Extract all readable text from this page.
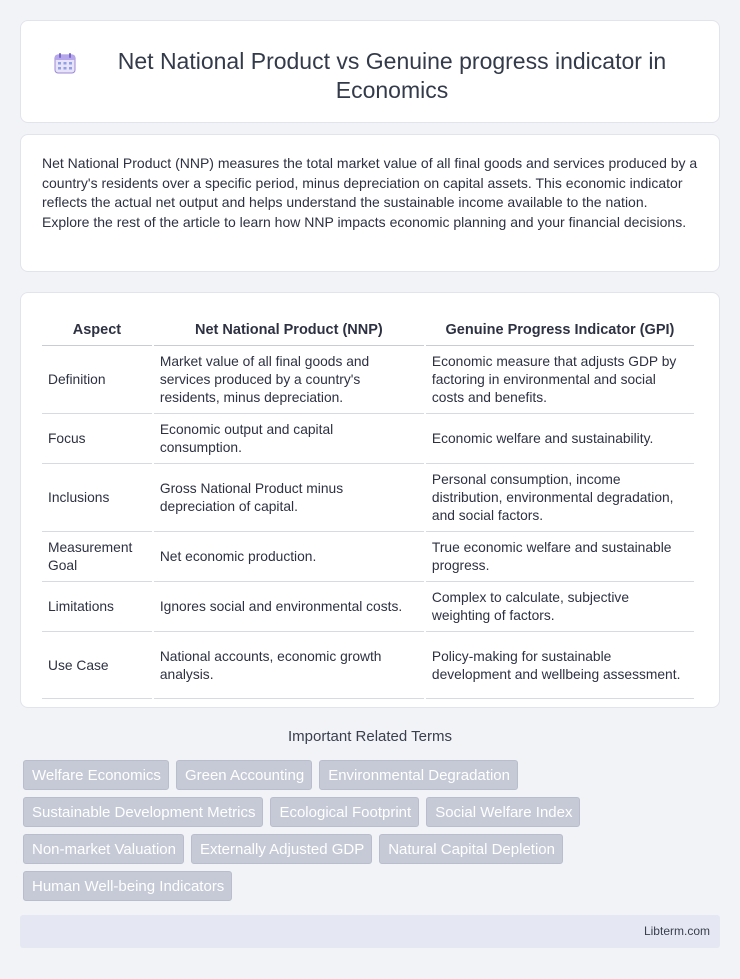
Net National Product vs Genuine progress indicator in Economics

Net National Product (NNP) measures the total market value of all final goods and services produced by a country's residents over a specific period, minus depreciation on capital assets. This economic indicator reflects the actual net output and helps understand the sustainable income available to the nation. Explore the rest of the article to learn how NNP impacts economic planning and your financial decisions.

Aspect	Net National Product (NNP)	Genuine Progress Indicator (GPI)
Definition	Market value of all final goods and services produced by a country's residents, minus depreciation.	Economic measure that adjusts GDP by factoring in environmental and social costs and benefits.
Focus	Economic output and capital consumption.	Economic welfare and sustainability.
Inclusions	Gross National Product minus depreciation of capital.	Personal consumption, income distribution, environmental degradation, and social factors.
Measurement Goal	Net economic production.	True economic welfare and sustainable progress.
Limitations	Ignores social and environmental costs.	Complex to calculate, subjective weighting of factors.
Use Case	National accounts, economic growth analysis.	Policy-making for sustainable development and wellbeing assessment.
Important Related Terms
Welfare Economics	Green Accounting	Environmental Degradation
Sustainable Development Metrics	Ecological Footprint	Social Welfare Index
Non-market Valuation	Externally Adjusted GDP	Natural Capital Depletion
Human Well-being Indicators
Libterm.com
